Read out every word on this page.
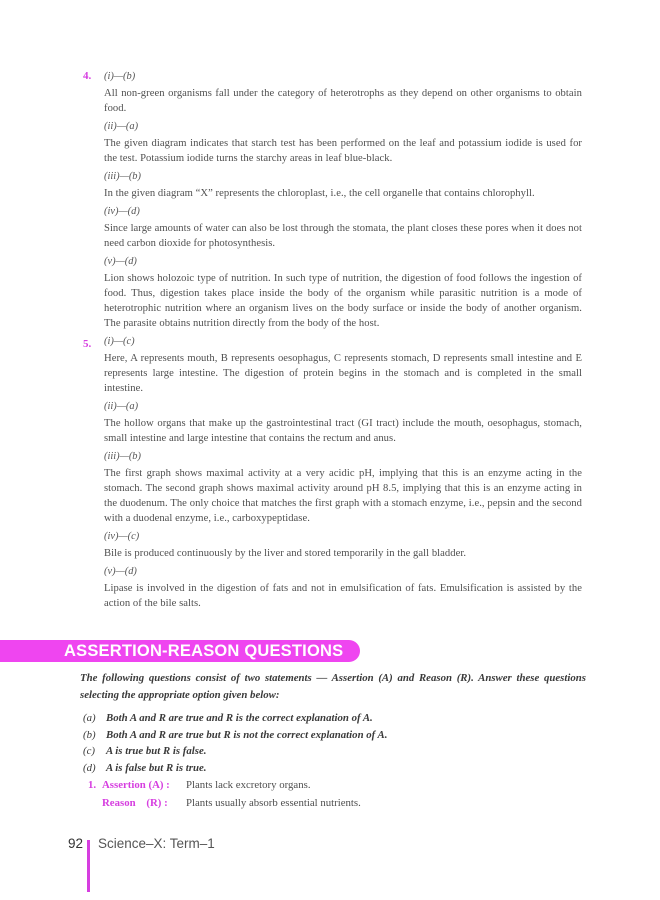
4. (i)—(b)

All non-green organisms fall under the category of heterotrophs as they depend on other organisms to obtain food.

(ii)—(a)

The given diagram indicates that starch test has been performed on the leaf and potassium iodide is used for the test. Potassium iodide turns the starchy areas in leaf blue-black.

(iii)—(b)

In the given diagram “X” represents the chloroplast, i.e., the cell organelle that contains chlorophyll.

(iv)—(d)

Since large amounts of water can also be lost through the stomata, the plant closes these pores when it does not need carbon dioxide for photosynthesis.

(v)—(d)

Lion shows holozoic type of nutrition. In such type of nutrition, the digestion of food follows the ingestion of food. Thus, digestion takes place inside the body of the organism while parasitic nutrition is a mode of heterotrophic nutrition where an organism lives on the body surface or inside the body of another organism. The parasite obtains nutrition directly from the body of the host.

5. (i)—(c)

Here, A represents mouth, B represents oesophagus, C represents stomach, D represents small intestine and E represents large intestine. The digestion of protein begins in the stomach and is completed in the small intestine.

(ii)—(a)

The hollow organs that make up the gastrointestinal tract (GI tract) include the mouth, oesophagus, stomach, small intestine and large intestine that contains the rectum and anus.

(iii)—(b)

The first graph shows maximal activity at a very acidic pH, implying that this is an enzyme acting in the stomach. The second graph shows maximal activity around pH 8.5, implying that this is an enzyme acting in the duodenum. The only choice that matches the first graph with a stomach enzyme, i.e., pepsin and the second with a duodenal enzyme, i.e., carboxypeptidase.

(iv)—(c)

Bile is produced continuously by the liver and stored temporarily in the gall bladder.

(v)—(d)

Lipase is involved in the digestion of fats and not in emulsification of fats. Emulsification is assisted by the action of the bile salts.

ASSERTION-REASON QUESTIONS
The following questions consist of two statements — Assertion (A) and Reason (R). Answer these questions selecting the appropriate option given below:
(a) Both A and R are true and R is the correct explanation of A.
(b) Both A and R are true but R is not the correct explanation of A.
(c) A is true but R is false.
(d) A is false but R is true.
1. Assertion (A) :	Plants lack excretory organs.
Reason    (R) :	Plants usually absorb essential nutrients.
92 Science–X: Term–1
